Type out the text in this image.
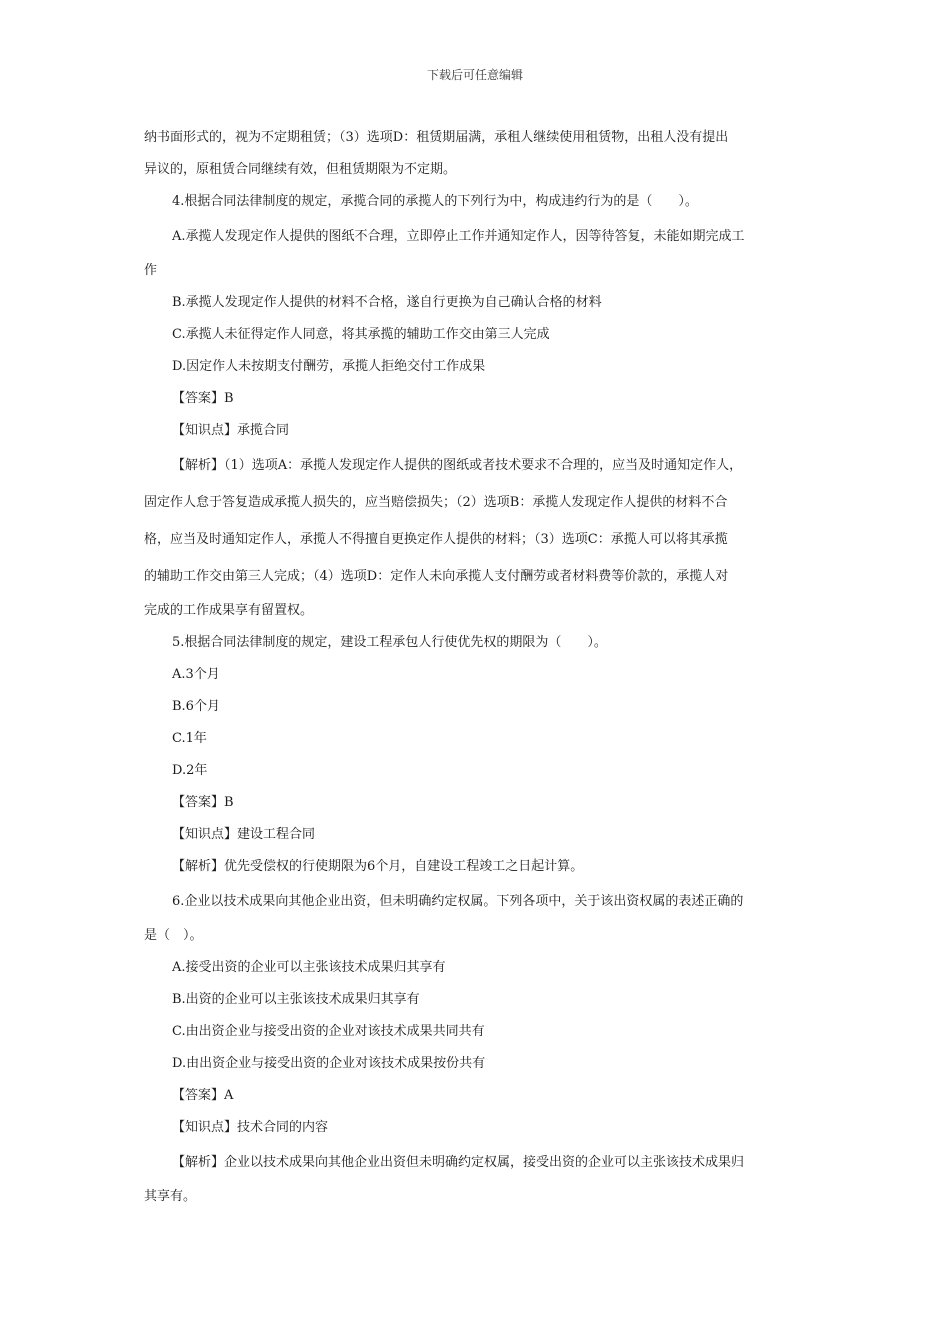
下载后可任意编辑

纳书面形式的，视为不定期租赁；（3）选项D：租赁期届满，承租人继续使用租赁物，出租人没有提出

异议的，原租赁合同继续有效，但租赁期限为不定期。

4.根据合同法律制度的规定，承揽合同的承揽人的下列行为中，构成违约行为的是（　　）。

A.承揽人发现定作人提供的图纸不合理，立即停止工作并通知定作人，因等待答复，未能如期完成工

作

B.承揽人发现定作人提供的材料不合格，遂自行更换为自己确认合格的材料

C.承揽人未征得定作人同意，将其承揽的辅助工作交由第三人完成

D.因定作人未按期支付酬劳，承揽人拒绝交付工作成果

【答案】B

【知识点】承揽合同

【解析】（1）选项A：承揽人发现定作人提供的图纸或者技术要求不合理的，应当及时通知定作人，

固定作人怠于答复造成承揽人损失的，应当赔偿损失；（2）选项B：承揽人发现定作人提供的材料不合

格，应当及时通知定作人，承揽人不得擅自更换定作人提供的材料；（3）选项C：承揽人可以将其承揽

的辅助工作交由第三人完成；（4）选项D：定作人未向承揽人支付酬劳或者材料费等价款的，承揽人对

完成的工作成果享有留置权。

5.根据合同法律制度的规定，建设工程承包人行使优先权的期限为（　　）。

A.3个月

B.6个月

C.1年

D.2年

【答案】B

【知识点】建设工程合同

【解析】优先受偿权的行使期限为6个月，自建设工程竣工之日起计算。

6.企业以技术成果向其他企业出资，但未明确约定权属。下列各项中，关于该出资权属的表述正确的

是（　）。

A.接受出资的企业可以主张该技术成果归其享有

B.出资的企业可以主张该技术成果归其享有

C.由出资企业与接受出资的企业对该技术成果共同共有

D.由出资企业与接受出资的企业对该技术成果按份共有

【答案】A

【知识点】技术合同的内容

【解析】企业以技术成果向其他企业出资但未明确约定权属，接受出资的企业可以主张该技术成果归

其享有。
